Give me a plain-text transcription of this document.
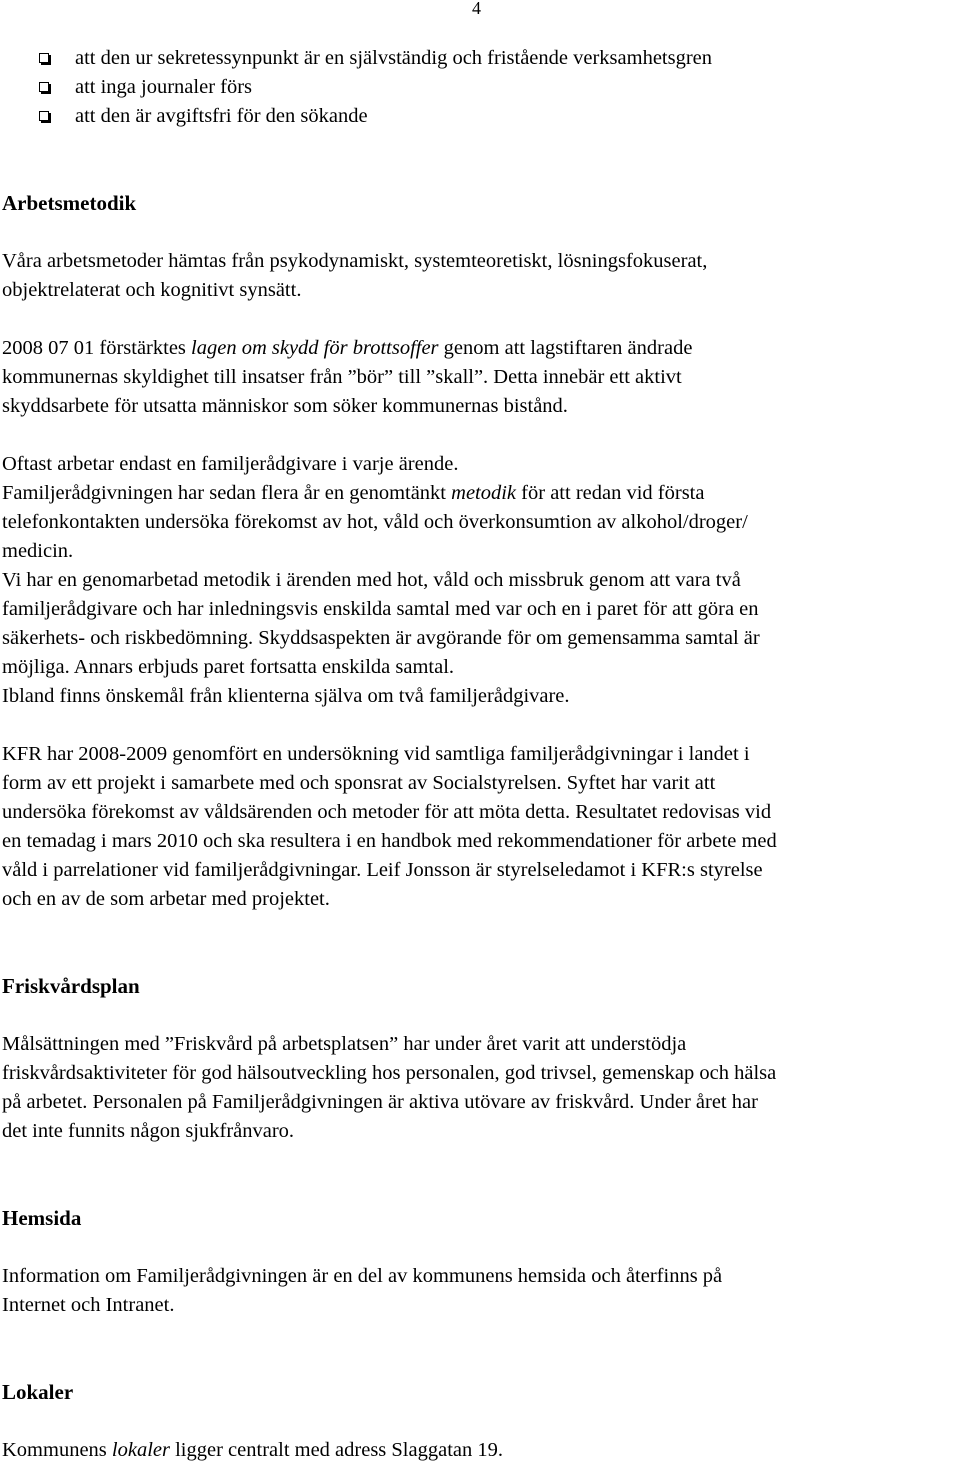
4
att den ur sekretessynpunkt är en självständig och fristående verksamhetsgren
att inga journaler förs
att den är avgiftsfri för den sökande
Arbetsmetodik

Våra arbetsmetoder hämtas från psykodynamiskt, systemteoretiskt, lösningsfokuserat,
objektrelaterat och kognitivt synsätt.

2008 07 01 förstärktes lagen om skydd för brottsoffer genom att lagstiftaren ändrade
kommunernas skyldighet till insatser från ”bör” till ”skall”. Detta innebär ett aktivt
skyddsarbete för utsatta människor som söker kommunernas bistånd.

Oftast arbetar endast en familjerådgivare i varje ärende.
Familjerådgivningen har sedan flera år en genomtänkt metodik för att redan vid första
telefonkontakten undersöka förekomst av hot, våld och överkonsumtion av alkohol/droger/
medicin.
Vi har en genomarbetad metodik i ärenden med hot, våld och missbruk genom att vara två
familjerådgivare och har inledningsvis enskilda samtal med var och en i paret för att göra en
säkerhets- och riskbedömning. Skyddsaspekten är avgörande för om gemensamma samtal är
möjliga. Annars erbjuds paret fortsatta enskilda samtal.
Ibland finns önskemål från klienterna själva om två familjerådgivare.

KFR har 2008-2009 genomfört en undersökning vid samtliga familjerådgivningar i landet i
form av ett projekt i samarbete med och sponsrat av Socialstyrelsen. Syftet har varit att
undersöka förekomst av våldsärenden och metoder för att möta detta. Resultatet redovisas vid
en temadag i mars 2010 och ska resultera i en handbok med rekommendationer för arbete med
våld i parrelationer vid familjerådgivningar. Leif Jonsson är styrelseledamot i KFR:s styrelse
och en av de som arbetar med projektet.

Friskvårdsplan

Målsättningen med ”Friskvård på arbetsplatsen” har under året varit att understödja
friskvårdsaktiviteter för god hälsoutveckling hos personalen, god trivsel, gemenskap och hälsa
på arbetet. Personalen på Familjerådgivningen är aktiva utövare av friskvård. Under året har
det inte funnits någon sjukfrånvaro.

Hemsida

Information om Familjerådgivningen är en del av kommunens hemsida och återfinns på
Internet och Intranet.

Lokaler

Kommunens lokaler ligger centralt med adress Slaggatan 19.
